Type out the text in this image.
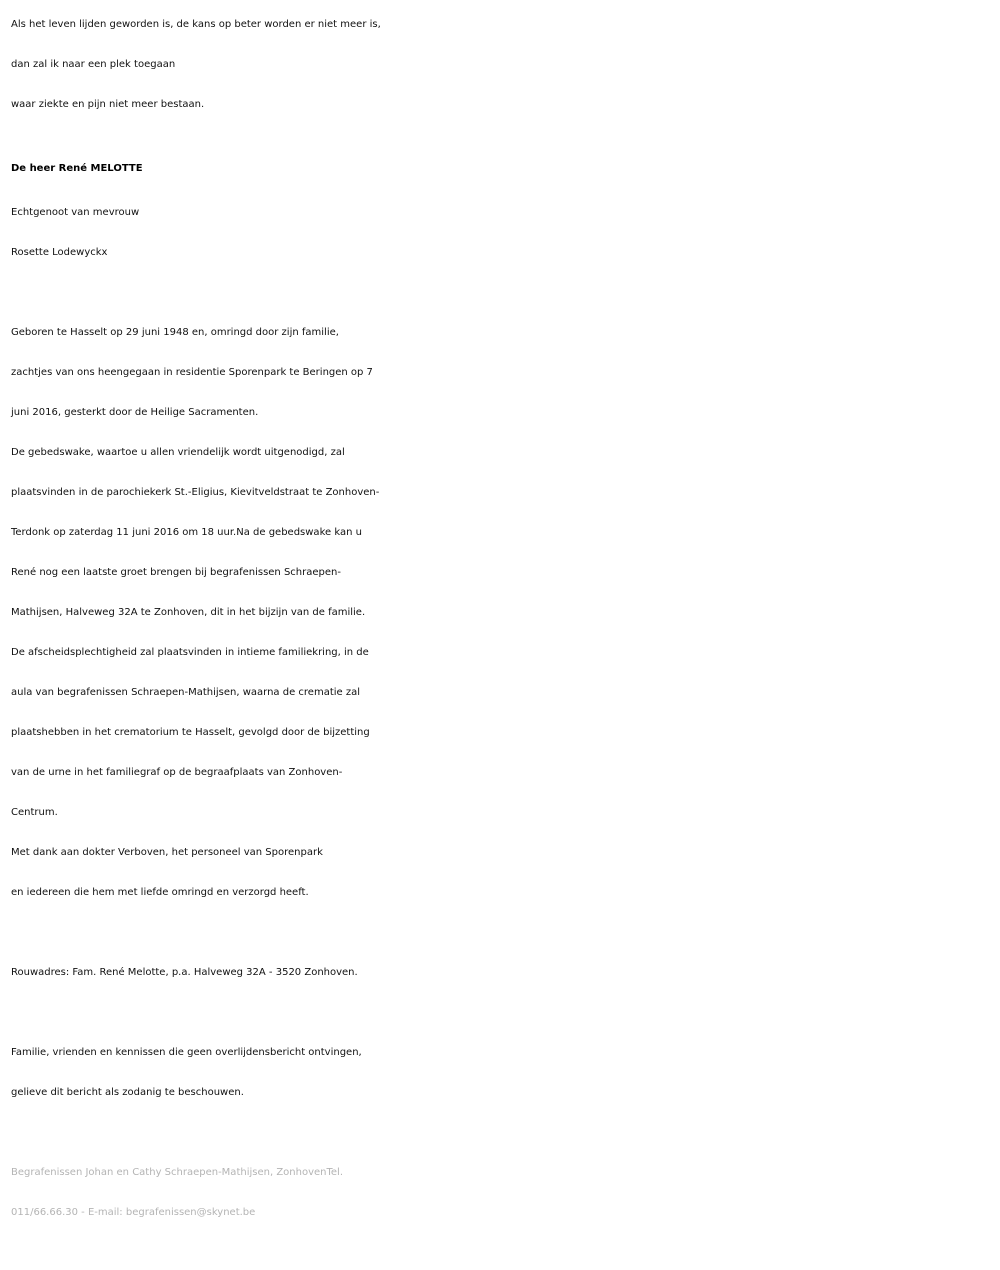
Als het leven lijden geworden is, de kans op beter worden er niet meer is,
dan zal ik naar een plek toegaan
waar ziekte en pijn niet meer bestaan.
De heer René MELOTTE
Echtgenoot van mevrouw
Rosette Lodewyckx
Geboren te Hasselt op 29 juni 1948 en, omringd door zijn familie,
zachtjes van ons heengegaan in residentie Sporenpark te Beringen op 7
juni 2016, gesterkt door de Heilige Sacramenten.
De gebedswake, waartoe u allen vriendelijk wordt uitgenodigd, zal
plaatsvinden in de parochiekerk St.-Eligius, Kievitveldstraat te Zonhoven-
Terdonk op zaterdag 11 juni 2016 om 18 uur.Na de gebedswake kan u
René nog een laatste groet brengen bij begrafenissen Schraepen-
Mathijsen, Halveweg 32A te Zonhoven, dit in het bijzijn van de familie.
De afscheidsplechtigheid zal plaatsvinden in intieme familiekring, in de
aula van begrafenissen Schraepen-Mathijsen, waarna de crematie zal
plaatshebben in het crematorium te Hasselt, gevolgd door de bijzetting
van de urne in het familiegraf op de begraafplaats van Zonhoven-
Centrum.
Met dank aan dokter Verboven, het personeel van Sporenpark
en iedereen die hem met liefde omringd en verzorgd heeft.
Rouwadres: Fam. René Melotte, p.a. Halveweg 32A - 3520 Zonhoven.
Familie, vrienden en kennissen die geen overlijdensbericht ontvingen,
gelieve dit bericht als zodanig te beschouwen.
Begrafenissen Johan en Cathy Schraepen-Mathijsen, ZonhovenTel.
011/66.66.30 - E-mail: begrafenissen@skynet.be
